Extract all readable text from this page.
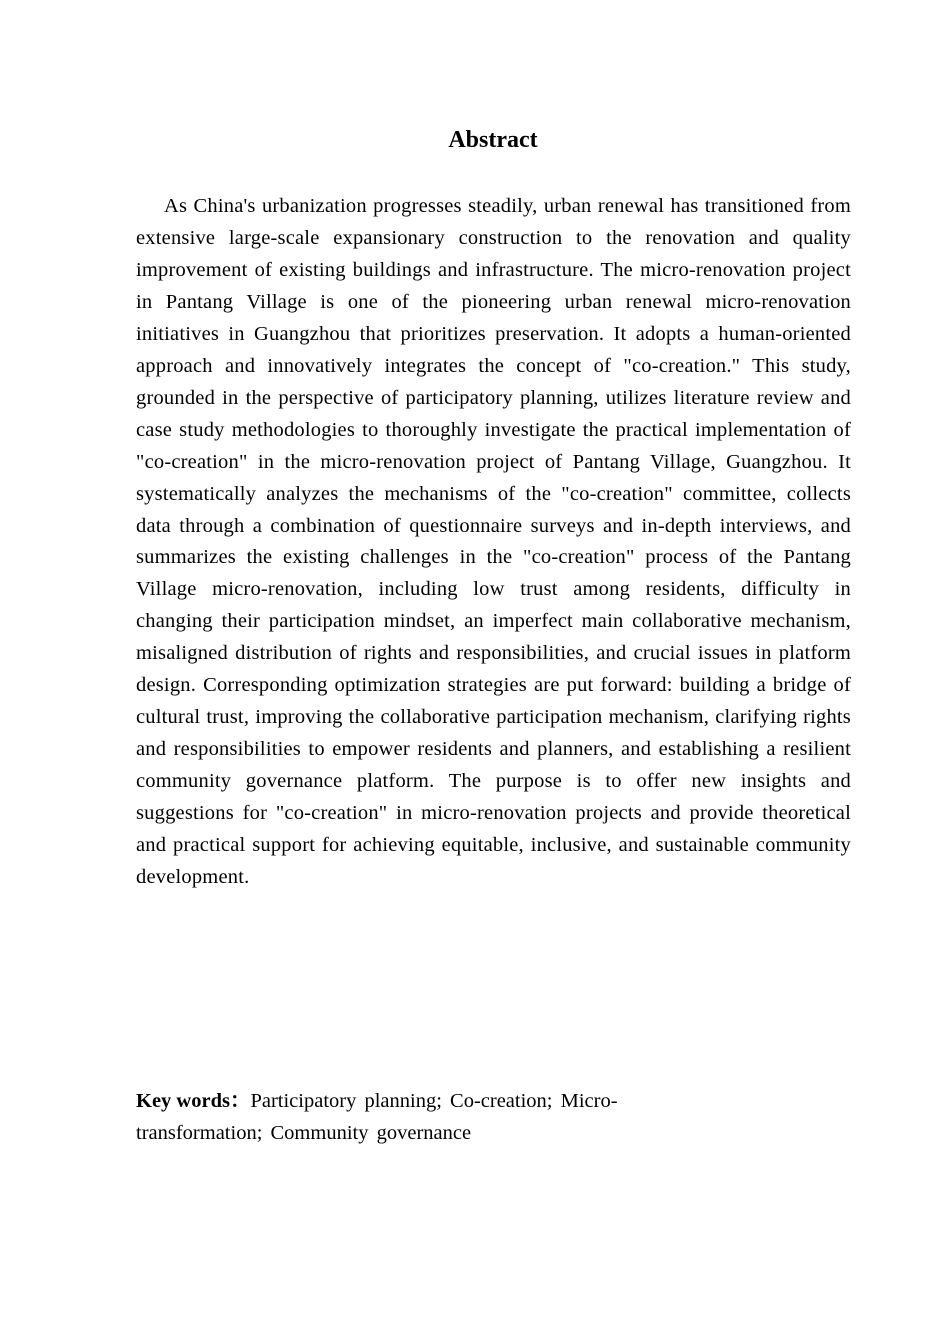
Abstract

As China's urbanization progresses steadily, urban renewal has transitioned from extensive large-scale expansionary construction to the renovation and quality improvement of existing buildings and infrastructure. The micro-renovation project in Pantang Village is one of the pioneering urban renewal micro-renovation initiatives in Guangzhou that prioritizes preservation. It adopts a human-oriented approach and innovatively integrates the concept of "co-creation." This study, grounded in the perspective of participatory planning, utilizes literature review and case study methodologies to thoroughly investigate the practical implementation of "co-creation" in the micro-renovation project of Pantang Village, Guangzhou. It systematically analyzes the mechanisms of the "co-creation" committee, collects data through a combination of questionnaire surveys and in-depth interviews, and summarizes the existing challenges in the "co-creation" process of the Pantang Village micro-renovation, including low trust among residents, difficulty in changing their participation mindset, an imperfect main collaborative mechanism, misaligned distribution of rights and responsibilities, and crucial issues in platform design. Corresponding optimization strategies are put forward: building a bridge of cultural trust, improving the collaborative participation mechanism, clarifying rights and responsibilities to empower residents and planners, and establishing a resilient community governance platform. The purpose is to offer new insights and suggestions for "co-creation" in micro-renovation projects and provide theoretical and practical support for achieving equitable, inclusive, and sustainable community development.

Key words：Participatory planning; Co-creation; Micro-transformation; Community governance
